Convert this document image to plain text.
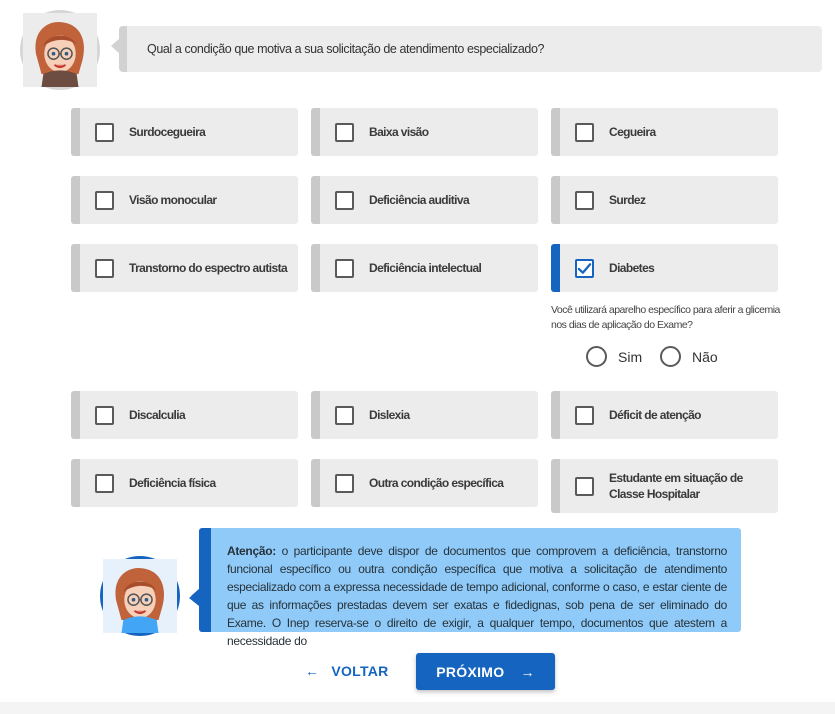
Qual a condição que motiva a sua solicitação de atendimento especializado?
Surdocegueira	Baixa visão	Cegueira
Visão monocular	Deficiência auditiva	Surdez
Transtorno do espectro autista	Deficiência intelectual	Diabetes
Discalculia	Dislexia	Déficit de atenção
Deficiência física	Outra condição específica	Estudante em situação de Classe Hospitalar
Você utilizará aparelho específico para aferir a glicemia nos dias de aplicação do Exame?
Sim	Não
Atenção: o participante deve dispor de documentos que comprovem a deficiência, transtorno funcional específico ou outra condição específica que motiva a solicitação de atendimento especializado com a expressa necessidade de tempo adicional, conforme o caso, e estar ciente de que as informações prestadas devem ser exatas e fidedignas, sob pena de ser eliminado do Exame. O Inep reserva-se o direito de exigir, a qualquer tempo, documentos que atestem a necessidade do
← VOLTAR	PRÓXIMO →
